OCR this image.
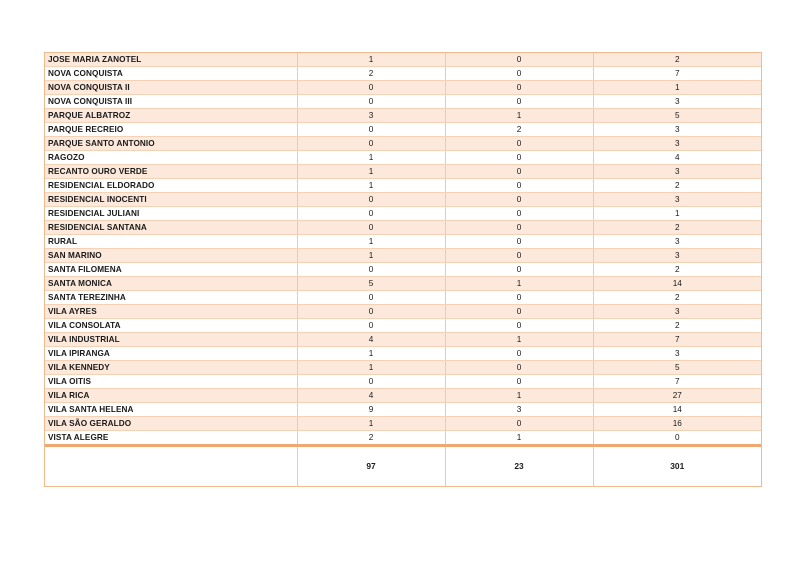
JOSE MARIA ZANOTEL	1	0	2
NOVA CONQUISTA	2	0	7
NOVA CONQUISTA II	0	0	1
NOVA CONQUISTA III	0	0	3
PARQUE ALBATROZ	3	1	5
PARQUE RECREIO	0	2	3
PARQUE SANTO ANTONIO	0	0	3
RAGOZO	1	0	4
RECANTO OURO VERDE	1	0	3
RESIDENCIAL ELDORADO	1	0	2
RESIDENCIAL INOCENTI	0	0	3
RESIDENCIAL JULIANI	0	0	1
RESIDENCIAL SANTANA	0	0	2
RURAL	1	0	3
SAN MARINO	1	0	3
SANTA FILOMENA	0	0	2
SANTA MONICA	5	1	14
SANTA TEREZINHA	0	0	2
VILA AYRES	0	0	3
VILA CONSOLATA	0	0	2
VILA INDUSTRIAL	4	1	7
VILA IPIRANGA	1	0	3
VILA KENNEDY	1	0	5
VILA OITIS	0	0	7
VILA RICA	4	1	27
VILA SANTA HELENA	9	3	14
VILA SÃO GERALDO	1	0	16
VISTA ALEGRE	2	1	0
	97	23	301
